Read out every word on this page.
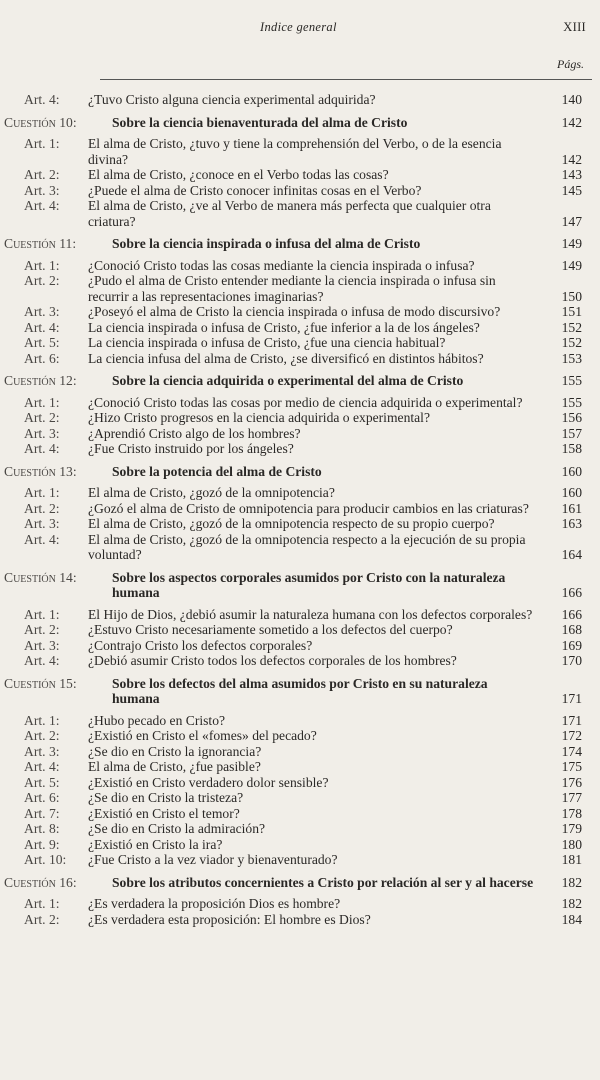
Indice general	XIII
Págs.
Art. 4: ¿Tuvo Cristo alguna ciencia experimental adquirida?	140
Cuestión 10:	Sobre la ciencia bienaventurada del alma de Cristo	142
Art. 1: El alma de Cristo, ¿tuvo y tiene la comprehensión del Verbo, o de la esencia divina?	142
Art. 2: El alma de Cristo, ¿conoce en el Verbo todas las cosas?	143
Art. 3: ¿Puede el alma de Cristo conocer infinitas cosas en el Verbo?	145
Art. 4: El alma de Cristo, ¿ve al Verbo de manera más perfecta que cualquier otra criatura?	147
Cuestión 11:	Sobre la ciencia inspirada o infusa del alma de Cristo	149
Art. 1: ¿Conoció Cristo todas las cosas mediante la ciencia inspirada o infusa?	149
Art. 2: ¿Pudo el alma de Cristo entender mediante la ciencia inspirada o infusa sin recurrir a las representaciones imaginarias?	150
Art. 3: ¿Poseyó el alma de Cristo la ciencia inspirada o infusa de modo discursivo?	151
Art. 4: La ciencia inspirada o infusa de Cristo, ¿fue inferior a la de los ángeles?	152
Art. 5: La ciencia inspirada o infusa de Cristo, ¿fue una ciencia habitual?	152
Art. 6: La ciencia infusa del alma de Cristo, ¿se diversificó en distintos hábitos?	153
Cuestión 12:	Sobre la ciencia adquirida o experimental del alma de Cristo	155
Art. 1: ¿Conoció Cristo todas las cosas por medio de ciencia adquirida o experimental?	155
Art. 2: ¿Hizo Cristo progresos en la ciencia adquirida o experimental?	156
Art. 3: ¿Aprendió Cristo algo de los hombres?	157
Art. 4: ¿Fue Cristo instruido por los ángeles?	158
Cuestión 13:	Sobre la potencia del alma de Cristo	160
Art. 1: El alma de Cristo, ¿gozó de la omnipotencia?	160
Art. 2: ¿Gozó el alma de Cristo de omnipotencia para producir cambios en las criaturas?	161
Art. 3: El alma de Cristo, ¿gozó de la omnipotencia respecto de su propio cuerpo?	163
Art. 4: El alma de Cristo, ¿gozó de la omnipotencia respecto a la ejecución de su propia voluntad?	164
Cuestión 14:	Sobre los aspectos corporales asumidos por Cristo con la naturaleza humana	166
Art. 1: El Hijo de Dios, ¿debió asumir la naturaleza humana con los defectos corporales? 166
Art. 2: ¿Estuvo Cristo necesariamente sometido a los defectos del cuerpo?	168
Art. 3: ¿Contrajo Cristo los defectos corporales?	169
Art. 4: ¿Debió asumir Cristo todos los defectos corporales de los hombres?	170
Cuestión 15:	Sobre los defectos del alma asumidos por Cristo en su naturaleza humana	171
Art. 1: ¿Hubo pecado en Cristo?	171
Art. 2: ¿Existió en Cristo el «fomes» del pecado?	172
Art. 3: ¿Se dio en Cristo la ignorancia?	174
Art. 4: El alma de Cristo, ¿fue pasible?	175
Art. 5: ¿Existió en Cristo verdadero dolor sensible?	176
Art. 6: ¿Se dio en Cristo la tristeza?	177
Art. 7: ¿Existió en Cristo el temor?	178
Art. 8: ¿Se dio en Cristo la admiración?	179
Art. 9: ¿Existió en Cristo la ira?	180
Art. 10: ¿Fue Cristo a la vez viador y bienaventurado?	181
Cuestión 16:	Sobre los atributos concernientes a Cristo por relación al ser y al hacerse 182
Art. 1: ¿Es verdadera la proposición Dios es hombre?	182
Art. 2: ¿Es verdadera esta proposición: El hombre es Dios?	184
